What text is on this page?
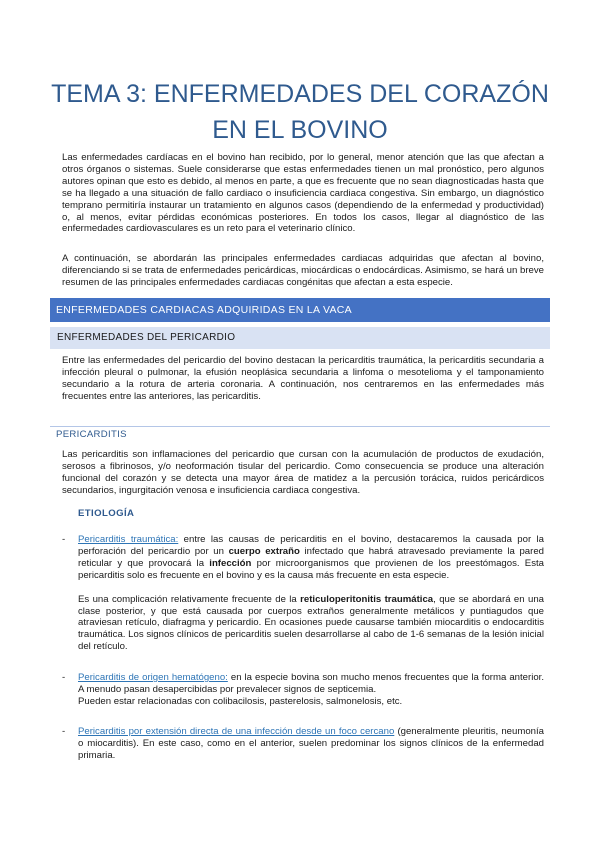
TEMA 3: ENFERMEDADES DEL CORAZÓN EN EL BOVINO

Las enfermedades cardíacas en el bovino han recibido, por lo general, menor atención que las que afectan a otros órganos o sistemas. Suele considerarse que estas enfermedades tienen un mal pronóstico, pero algunos autores opinan que esto es debido, al menos en parte, a que es frecuente que no sean diagnosticadas hasta que se ha llegado a una situación de fallo cardiaco o insuficiencia cardiaca congestiva. Sin embargo, un diagnóstico temprano permitiría instaurar un tratamiento en algunos casos (dependiendo de la enfermedad y productividad) o, al menos, evitar pérdidas económicas posteriores. En todos los casos, llegar al diagnóstico de las enfermedades cardiovasculares es un reto para el veterinario clínico.

A continuación, se abordarán las principales enfermedades cardiacas adquiridas que afectan al bovino, diferenciando si se trata de enfermedades pericárdicas, miocárdicas o endocárdicas. Asimismo, se hará un breve resumen de las principales enfermedades cardiacas congénitas que afectan a esta especie.

ENFERMEDADES CARDIACAS ADQUIRIDAS EN LA VACA
ENFERMEDADES DEL PERICARDIO

Entre las enfermedades del pericardio del bovino destacan la pericarditis traumática, la pericarditis secundaria a infección pleural o pulmonar, la efusión neoplásica secundaria a linfoma o mesotelioma y el tamponamiento secundario a la rotura de arteria coronaria. A continuación, nos centraremos en las enfermedades más frecuentes entre las anteriores, las pericarditis.

PERICARDITIS

Las pericarditis son inflamaciones del pericardio que cursan con la acumulación de productos de exudación, serosos a fibrinosos, y/o neoformación tisular del pericardio. Como consecuencia se produce una alteración funcional del corazón y se detecta una mayor área de matidez a la percusión torácica, ruidos pericárdicos secundarios, ingurgitación venosa e insuficiencia cardiaca congestiva.

ETIOLOGÍA
- Pericarditis traumática: entre las causas de pericarditis en el bovino, destacaremos la causada por la perforación del pericardio por un cuerpo extraño infectado que habrá atravesado previamente la pared reticular y que provocará la infección por microorganismos que provienen de los preestómagos. Esta pericarditis solo es frecuente en el bovino y es la causa más frecuente en esta especie.

Es una complicación relativamente frecuente de la reticuloperitonitis traumática, que se abordará en una clase posterior, y que está causada por cuerpos extraños generalmente metálicos y puntiagudos que atraviesan retículo, diafragma y pericardio. En ocasiones puede causarse también miocarditis o endocarditis traumática. Los signos clínicos de pericarditis suelen desarrollarse al cabo de 1-6 semanas de la lesión inicial del retículo.

- Pericarditis de origen hematógeno: en la especie bovina son mucho menos frecuentes que la forma anterior. A menudo pasan desapercibidas por prevalecer signos de septicemia.

Pueden estar relacionadas con colibacilosis, pasterelosis, salmonelosis, etc.

- Pericarditis por extensión directa de una infección desde un foco cercano (generalmente pleuritis, neumonía o miocarditis). En este caso, como en el anterior, suelen predominar los signos clínicos de la enfermedad primaria.
